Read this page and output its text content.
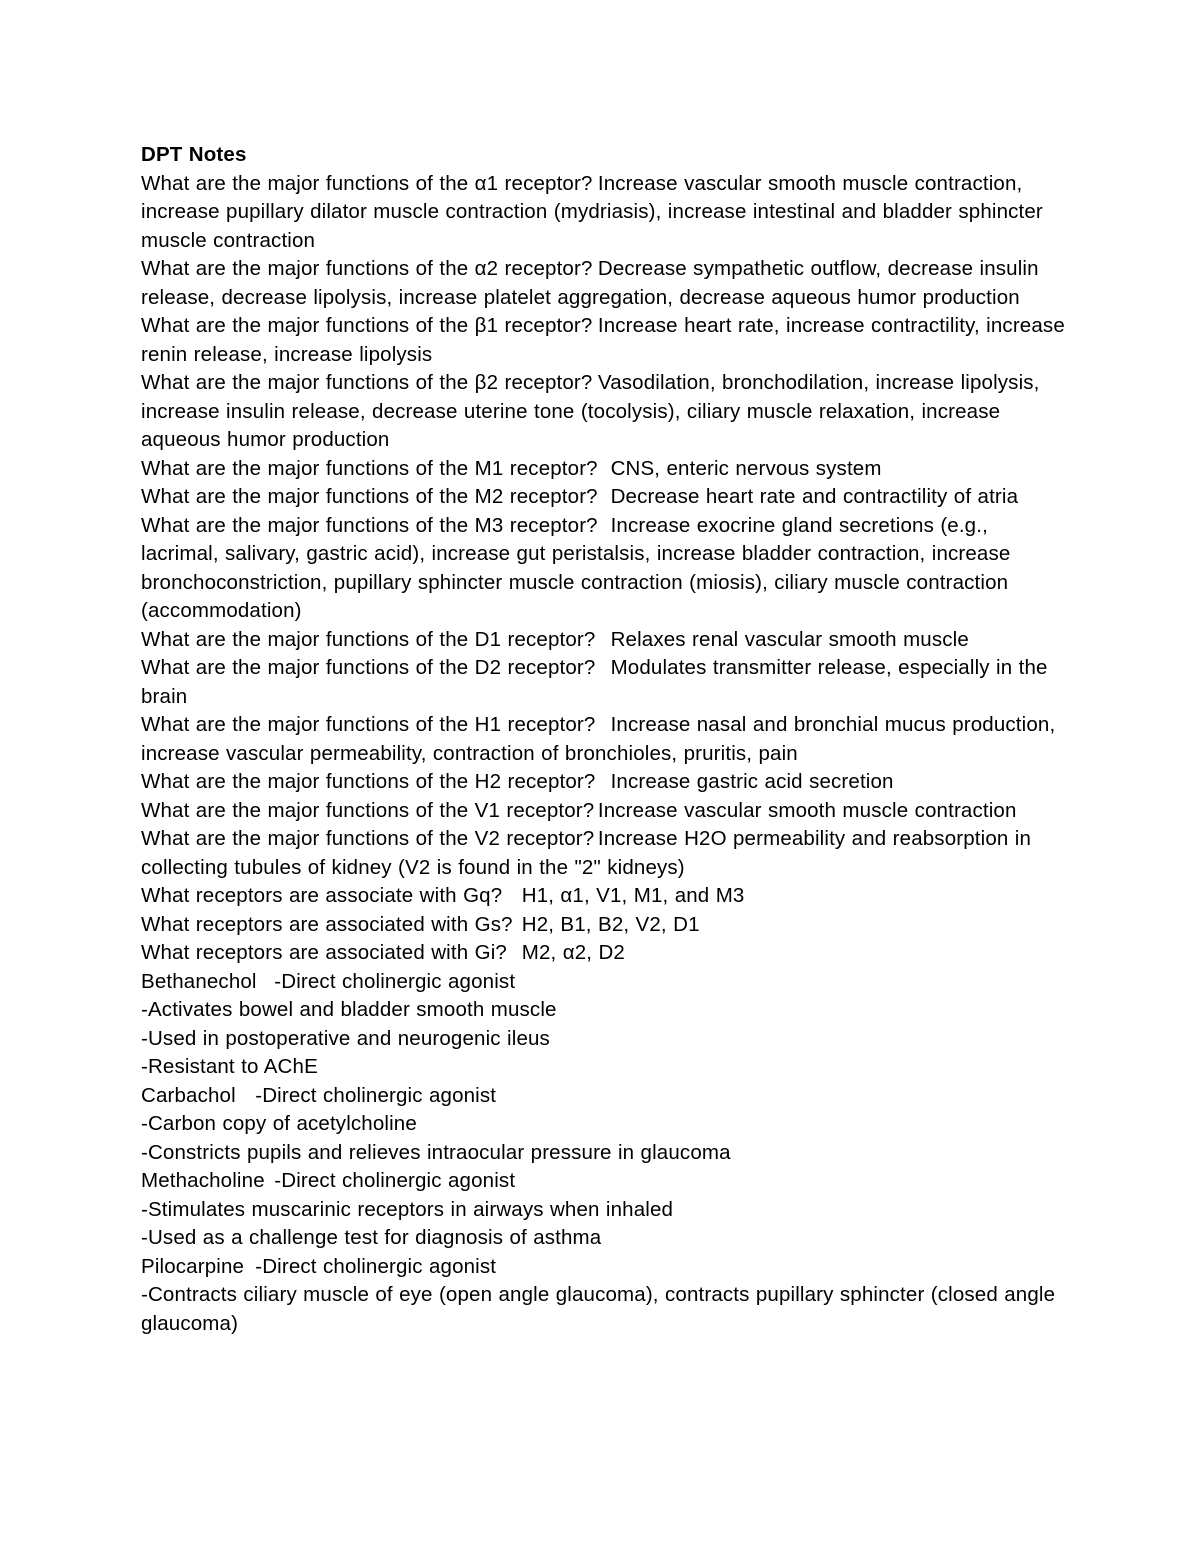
DPT Notes
What are the major functions of the α1 receptor?	Increase vascular smooth muscle contraction, increase pupillary dilator muscle contraction (mydriasis), increase intestinal and bladder sphincter muscle contraction
What are the major functions of the α2 receptor?	Decrease sympathetic outflow, decrease insulin release, decrease lipolysis, increase platelet aggregation, decrease aqueous humor production
What are the major functions of the β1 receptor?	Increase heart rate, increase contractility, increase renin release, increase lipolysis
What are the major functions of the β2 receptor?	Vasodilation, bronchodilation, increase lipolysis, increase insulin release, decrease uterine tone (tocolysis), ciliary muscle relaxation, increase aqueous humor production
What are the major functions of the M1 receptor?	CNS, enteric nervous system
What are the major functions of the M2 receptor?	Decrease heart rate and contractility of atria
What are the major functions of the M3 receptor?	Increase exocrine gland secretions (e.g., lacrimal, salivary, gastric acid), increase gut peristalsis, increase bladder contraction, increase bronchoconstriction, pupillary sphincter muscle contraction (miosis), ciliary muscle contraction (accommodation)
What are the major functions of the D1 receptor?	Relaxes renal vascular smooth muscle
What are the major functions of the D2 receptor?	Modulates transmitter release, especially in the brain
What are the major functions of the H1 receptor?	Increase nasal and bronchial mucus production, increase vascular permeability, contraction of bronchioles, pruritis, pain
What are the major functions of the H2 receptor?	Increase gastric acid secretion
What are the major functions of the V1 receptor?	Increase vascular smooth muscle contraction
What are the major functions of the V2 receptor?	Increase H2O permeability and reabsorption in collecting tubules of kidney (V2 is found in the "2" kidneys)
What receptors are associate with Gq?	H1, α1, V1, M1, and M3
What receptors are associated with Gs?	H2, B1, B2, V2, D1
What receptors are associated with Gi?	M2, α2, D2
Bethanechol	-Direct cholinergic agonist
-Activates bowel and bladder smooth muscle
-Used in postoperative and neurogenic ileus
-Resistant to AChE
Carbachol	-Direct cholinergic agonist
-Carbon copy of acetylcholine
-Constricts pupils and relieves intraocular pressure in glaucoma
Methacholine	-Direct cholinergic agonist
-Stimulates muscarinic receptors in airways when inhaled
-Used as a challenge test for diagnosis of asthma
Pilocarpine	-Direct cholinergic agonist
-Contracts ciliary muscle of eye (open angle glaucoma), contracts pupillary sphincter (closed angle glaucoma)
